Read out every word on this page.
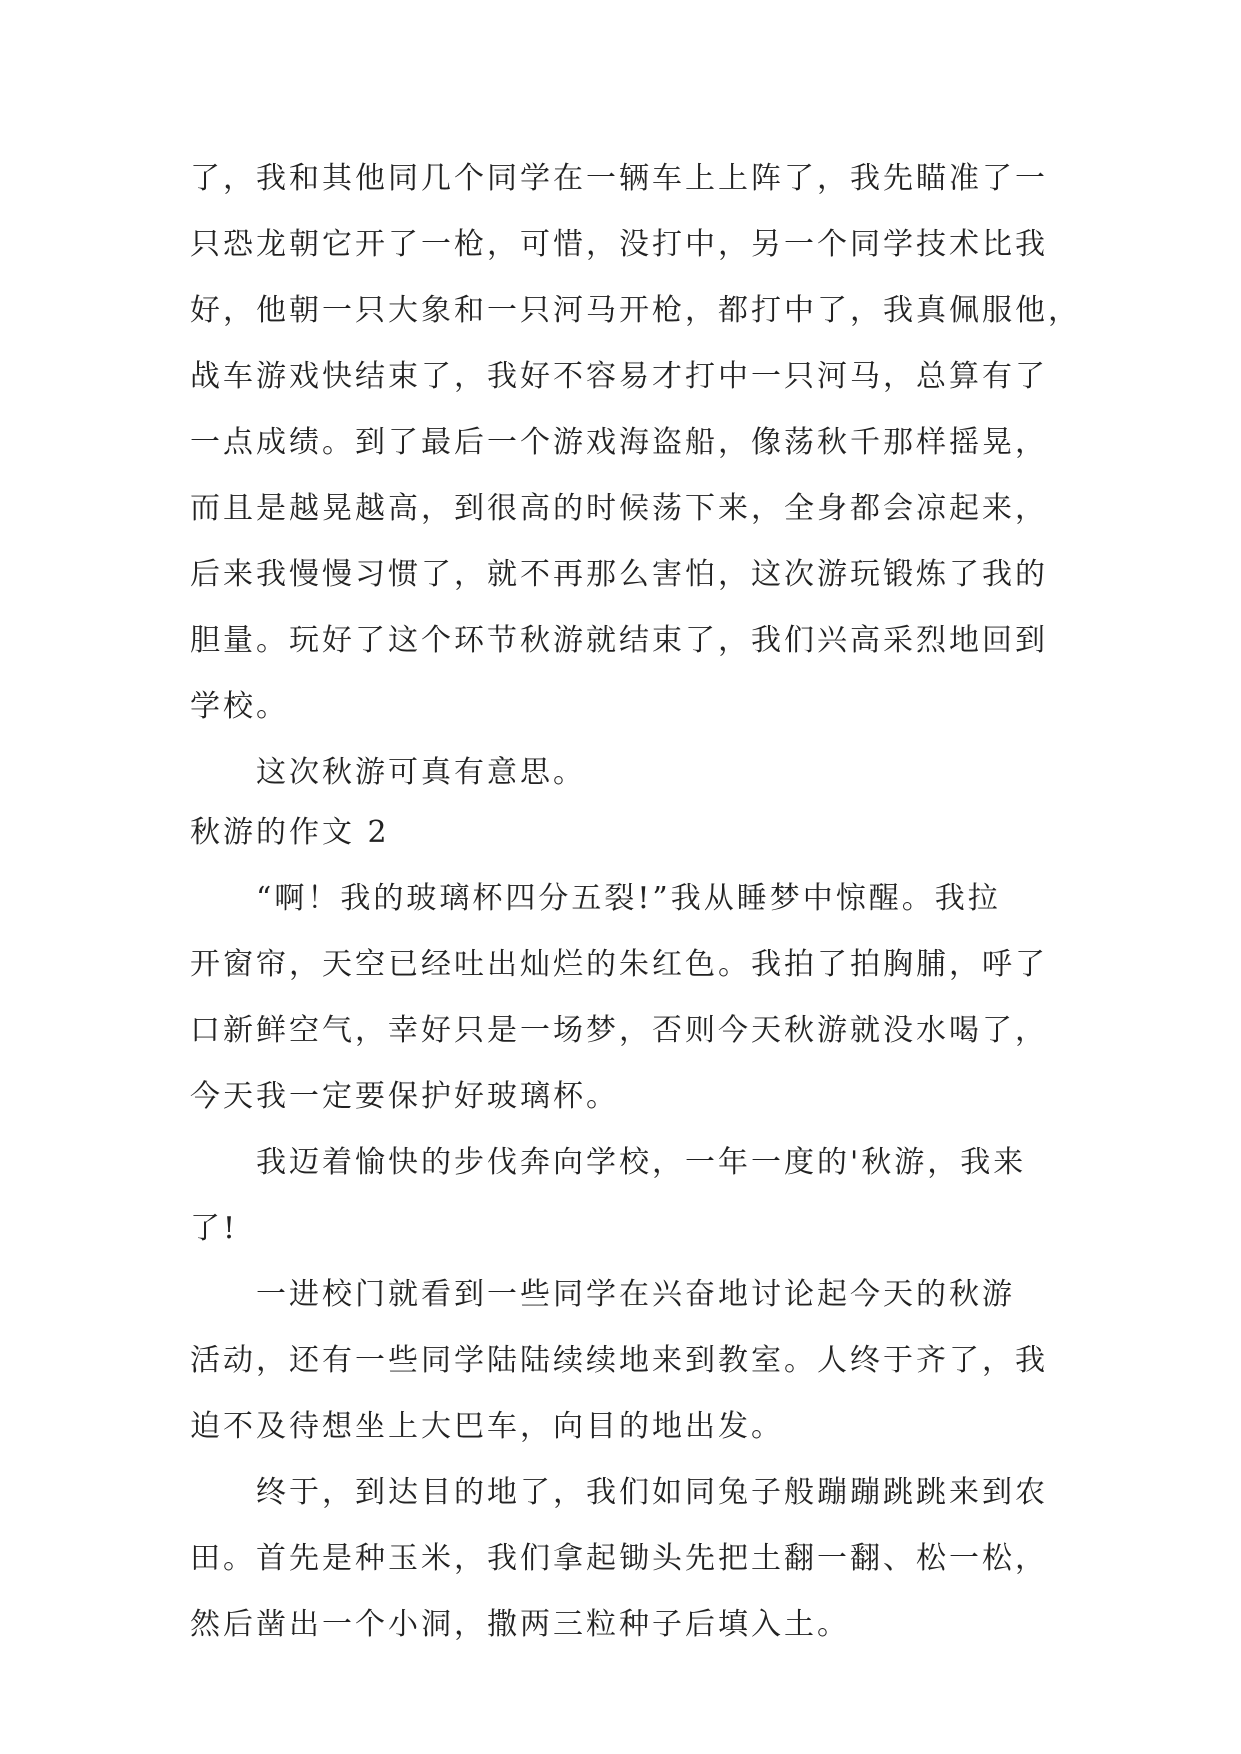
了，我和其他同几个同学在一辆车上上阵了，我先瞄准了一
只恐龙朝它开了一枪，可惜，没打中，另一个同学技术比我
好，他朝一只大象和一只河马开枪，都打中了，我真佩服他，
战车游戏快结束了，我好不容易才打中一只河马，总算有了
一点成绩。到了最后一个游戏海盗船，像荡秋千那样摇晃，
而且是越晃越高，到很高的时候荡下来，全身都会凉起来，
后来我慢慢习惯了，就不再那么害怕，这次游玩锻炼了我的
胆量。玩好了这个环节秋游就结束了，我们兴高采烈地回到
学校。
这次秋游可真有意思。
秋游的作文 2
“啊！我的玻璃杯四分五裂!”我从睡梦中惊醒。我拉
开窗帘，天空已经吐出灿烂的朱红色。我拍了拍胸脯，呼了
口新鲜空气，幸好只是一场梦，否则今天秋游就没水喝了，
今天我一定要保护好玻璃杯。
我迈着愉快的步伐奔向学校，一年一度的'秋游，我来
了!
一进校门就看到一些同学在兴奋地讨论起今天的秋游
活动，还有一些同学陆陆续续地来到教室。人终于齐了，我
迫不及待想坐上大巴车，向目的地出发。
终于，到达目的地了，我们如同兔子般蹦蹦跳跳来到农
田。首先是种玉米，我们拿起锄头先把土翻一翻、松一松，
然后凿出一个小洞，撒两三粒种子后填入土。
